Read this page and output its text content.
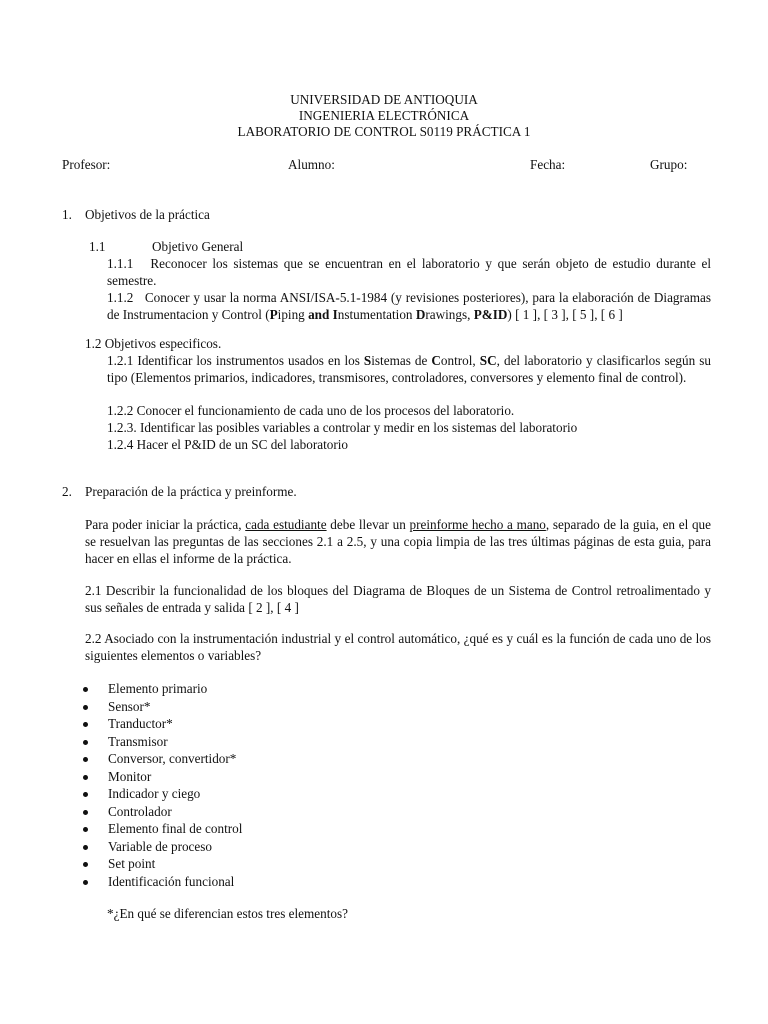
UNIVERSIDAD DE ANTIOQUIA
INGENIERIA ELECTRÓNICA
LABORATORIO DE CONTROL S0119 PRÁCTICA 1
Profesor:	Alumno:	Fecha:	Grupo:
1. Objetivos de la práctica
1.1	Objetivo General
1.1.1 Reconocer los sistemas que se encuentran en el laboratorio y que serán objeto de estudio durante el semestre.
1.1.2 Conocer y usar la norma ANSI/ISA-5.1-1984 (y revisiones posteriores), para la elaboración de Diagramas de Instrumentacion y Control (Piping and Instumentation Drawings, P&ID) [ 1 ], [ 3 ], [ 5 ], [ 6 ]
1.2 Objetivos especificos.
1.2.1 Identificar los instrumentos usados en los Sistemas de Control, SC, del laboratorio y clasificarlos según su tipo (Elementos primarios, indicadores, transmisores, controladores, conversores y elemento final de control).
1.2.2 Conocer el funcionamiento de cada uno de los procesos del laboratorio.
1.2.3. Identificar las posibles variables a controlar y medir en los sistemas del laboratorio
1.2.4 Hacer el P&ID de un SC del laboratorio
2. Preparación de la práctica y preinforme.
Para poder iniciar la práctica, cada estudiante debe llevar un preinforme hecho a mano, separado de la guia, en el que se resuelvan las preguntas de las secciones 2.1 a 2.5, y una copia limpia de las tres últimas páginas de esta guia, para hacer en ellas el informe de la práctica.
2.1 Describir la funcionalidad de los bloques del Diagrama de Bloques de un Sistema de Control retroalimentado y sus señales de entrada y salida [ 2 ], [ 4 ]
2.2 Asociado con la instrumentación industrial y el control automático, ¿qué es y cuál es la función de cada uno de los siguientes elementos o variables?
Elemento primario
Sensor*
Tranductor*
Transmisor
Conversor, convertidor*
Monitor
Indicador y ciego
Controlador
Elemento final de control
Variable de proceso
Set point
Identificación funcional
*¿En qué se diferencian estos tres elementos?
